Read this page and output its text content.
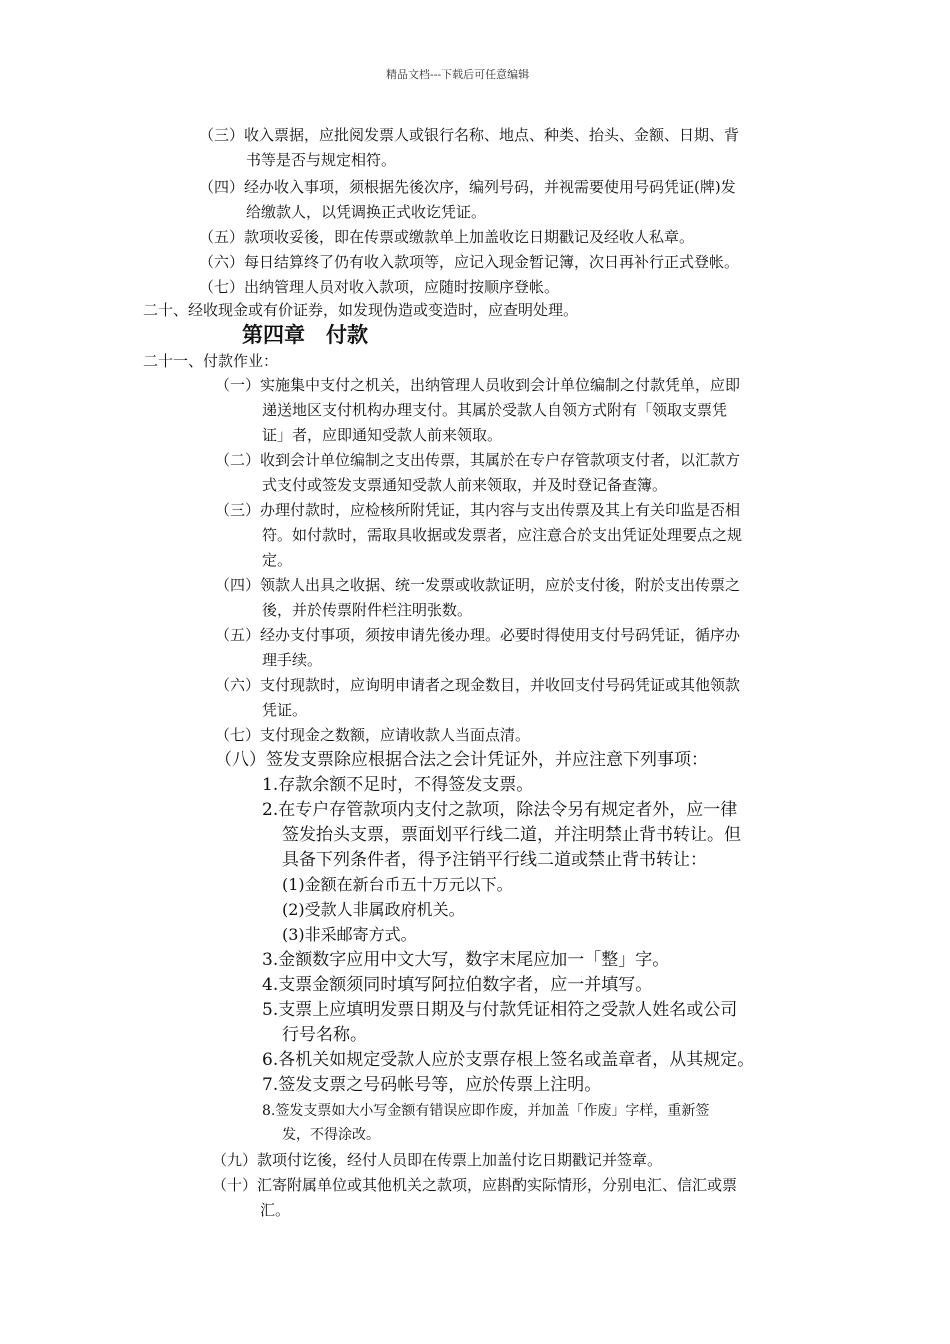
精品文档---下载后可任意编辑
（三）收入票据，应批阅发票人或银行名称、地点、种类、抬头、金额、日期、背
书等是否与规定相符。
（四）经办收入事项，须根据先後次序，编列号码，并视需要使用号码凭证(牌)发
给缴款人，以凭调换正式收讫凭证。
（五）款项收妥後，即在传票或缴款单上加盖收讫日期戳记及经收人私章。
（六）每日结算终了仍有收入款项等，应记入现金暂记簿，次日再补行正式登帐。
（七）出纳管理人员对收入款项，应随时按顺序登帐。
二十、经收现金或有价证券，如发现伪造或变造时，应查明处理。
第四章　付款
二十一、付款作业：
（一）实施集中支付之机关，出纳管理人员收到会计单位编制之付款凭单，应即
递送地区支付机构办理支付。其属於受款人自领方式附有「领取支票凭
证」者，应即通知受款人前来领取。
（二）收到会计单位编制之支出传票，其属於在专户存管款项支付者，以汇款方
式支付或签发支票通知受款人前来领取，并及时登记备查簿。
（三）办理付款时，应检核所附凭证，其内容与支出传票及其上有关印监是否相
符。如付款时，需取具收据或发票者，应注意合於支出凭证处理要点之规
定。
（四）领款人出具之收据、统一发票或收款证明，应於支付後，附於支出传票之
後，并於传票附件栏注明张数。
（五）经办支付事项，须按申请先後办理。必要时得使用支付号码凭证，循序办
理手续。
（六）支付现款时，应询明申请者之现金数目，并收回支付号码凭证或其他领款
凭证。
（七）支付现金之数额，应请收款人当面点清。
（八）签发支票除应根据合法之会计凭证外，并应注意下列事项：
1.存款余额不足时，不得签发支票。
2.在专户存管款项内支付之款项，除法令另有规定者外，应一律
签发抬头支票，票面划平行线二道，并注明禁止背书转让。但
具备下列条件者，得予注销平行线二道或禁止背书转让：
(1)金额在新台币五十万元以下。
(2)受款人非属政府机关。
(3)非采邮寄方式。
3.金额数字应用中文大写，数字末尾应加一「整」字。
4.支票金额须同时填写阿拉伯数字者，应一并填写。
5.支票上应填明发票日期及与付款凭证相符之受款人姓名或公司
行号名称。
6.各机关如规定受款人应於支票存根上签名或盖章者，从其规定。
7.签发支票之号码帐号等，应於传票上注明。
8.签发支票如大小写金额有错误应即作废，并加盖「作废」字样，重新签
发，不得涂改。
（九）款项付讫後，经付人员即在传票上加盖付讫日期戳记并签章。
（十）汇寄附属单位或其他机关之款项，应斟酌实际情形，分别电汇、信汇或票
汇。
